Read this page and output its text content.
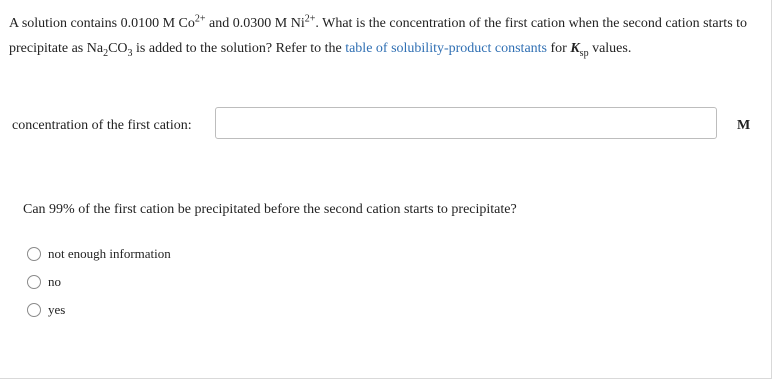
A solution contains 0.0100 M $Co^{2+}$ and 0.0300 M $Ni^{2+}$. What is the concentration of the first cation when the second cation starts to precipitate as $Na_2CO_3$ is added to the solution? Refer to the table of solubility-product constants for $K_{sp}$ values.
concentration of the first cation:	M
Can 99% of the first cation be precipitated before the second cation starts to precipitate?
not enough information
no
yes
